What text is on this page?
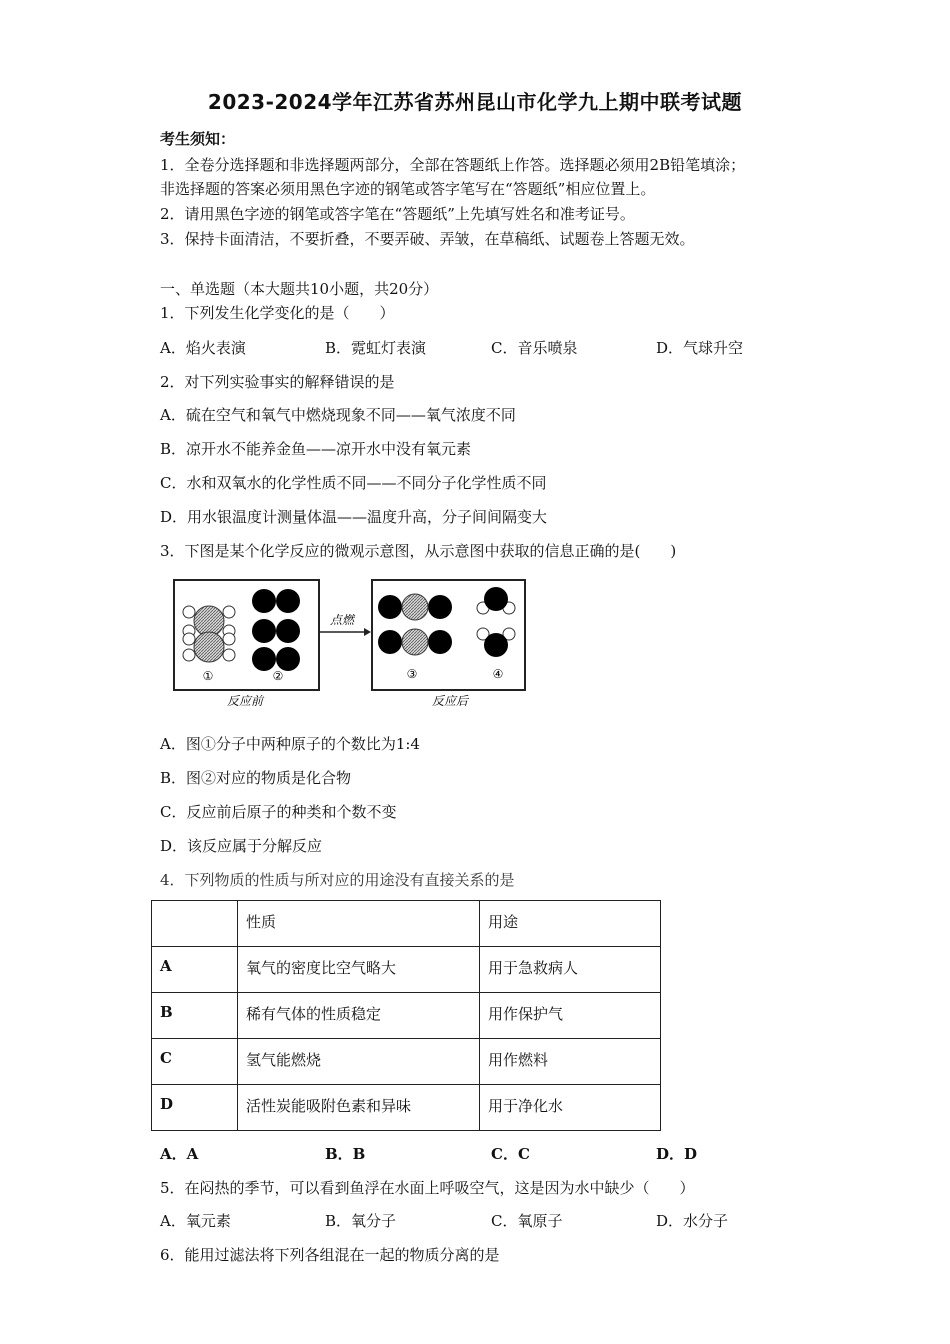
2023-2024学年江苏省苏州昆山市化学九上期中联考试题
考生须知：
1．全卷分选择题和非选择题两部分，全部在答题纸上作答。选择题必须用2B铅笔填涂；
非选择题的答案必须用黑色字迹的钢笔或答字笔写在“答题纸”相应位置上。
2．请用黑色字迹的钢笔或答字笔在“答题纸”上先填写姓名和准考证号。
3．保持卡面清洁，不要折叠，不要弄破、弄皱，在草稿纸、试题卷上答题无效。
一、单选题（本大题共10小题，共20分）
1．下列发生化学变化的是（　　）
A．焰火表演	B．霓虹灯表演	C．音乐喷泉	D．气球升空
2．对下列实验事实的解释错误的是
A．硫在空气和氧气中燃烧现象不同——氧气浓度不同
B．凉开水不能养金鱼——凉开水中没有氧元素
C．水和双氧水的化学性质不同——不同分子化学性质不同
D．用水银温度计测量体温——温度升高，分子间间隔变大
3．下图是某个化学反应的微观示意图，从示意图中获取的信息正确的是(　　)
①	②
点燃
③	④
反应前	反应后
A．图①分子中两种原子的个数比为1:4
B．图②对应的物质是化合物
C．反应前后原子的种类和个数不变
D．该反应属于分解反应
4．下列物质的性质与所对应的用途没有直接关系的是
	性质	用途
A	氧气的密度比空气略大	用于急救病人
B	稀有气体的性质稳定	用作保护气
C	氢气能燃烧	用作燃料
D	活性炭能吸附色素和异味	用于净化水
A．A	B．B	C．C	D．D
5．在闷热的季节，可以看到鱼浮在水面上呼吸空气，这是因为水中缺少（　　）
A．氧元素	B．氧分子	C．氧原子	D．水分子
6．能用过滤法将下列各组混在一起的物质分离的是
